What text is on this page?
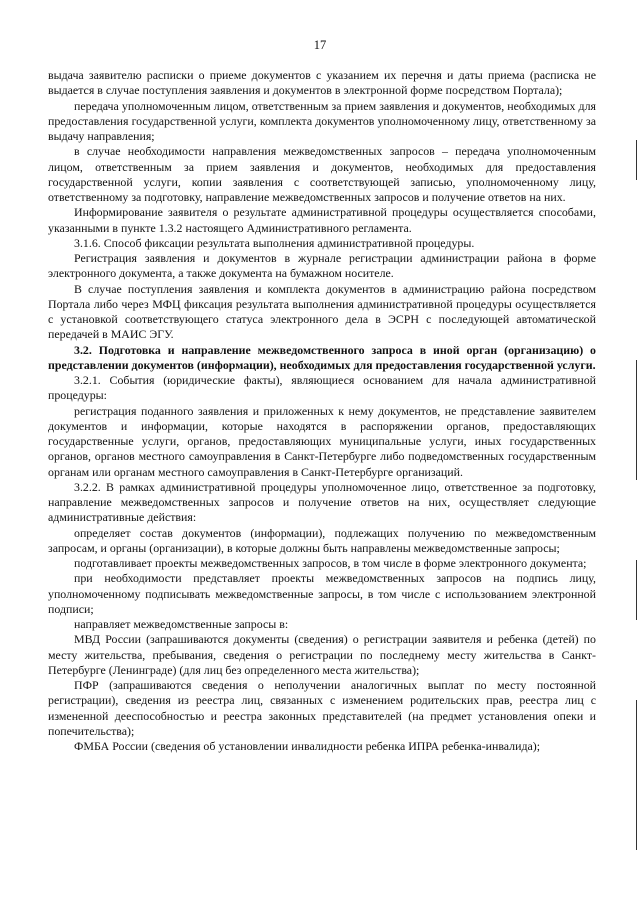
17

выдача заявителю расписки о приеме документов с указанием их перечня и даты приема (расписка не выдается в случае поступления заявления и документов в электронной форме посредством Портала);

передача уполномоченным лицом, ответственным за прием заявления и документов, необходимых для предоставления государственной услуги, комплекта документов уполномоченному лицу, ответственному за выдачу направления;

в случае необходимости направления межведомственных запросов – передача уполномоченным лицом, ответственным за прием заявления и документов, необходимых для предоставления государственной услуги, копии заявления с соответствующей записью, уполномоченному лицу, ответственному за подготовку, направление межведомственных запросов и получение ответов на них.

Информирование заявителя о результате административной процедуры осуществляется способами, указанными в пункте 1.3.2 настоящего Административного регламента.

3.1.6. Способ фиксации результата выполнения административной процедуры.

Регистрация заявления и документов в журнале регистрации администрации района в форме электронного документа, а также документа на бумажном носителе.

В случае поступления заявления и комплекта документов в администрацию района посредством Портала либо через МФЦ фиксация результата выполнения административной процедуры осуществляется с установкой соответствующего статуса электронного дела в ЭСРН с последующей автоматической передачей в МАИС ЭГУ.

3.2. Подготовка и направление межведомственного запроса в иной орган (организацию) о представлении документов (информации), необходимых для предоставления государственной услуги.

3.2.1. События (юридические факты), являющиеся основанием для начала административной процедуры:

регистрация поданного заявления и приложенных к нему документов, не представление заявителем документов и информации, которые находятся в распоряжении органов, предоставляющих государственные услуги, органов, предоставляющих муниципальные услуги, иных государственных органов, органов местного самоуправления в Санкт-Петербурге либо подведомственных государственным органам или органам местного самоуправления в Санкт-Петербурге организаций.

3.2.2. В рамках административной процедуры уполномоченное лицо, ответственное за подготовку, направление межведомственных запросов и получение ответов на них, осуществляет следующие административные действия:

определяет состав документов (информации), подлежащих получению по межведомственным запросам, и органы (организации), в которые должны быть направлены межведомственные запросы;

подготавливает проекты межведомственных запросов, в том числе в форме электронного документа;

при необходимости представляет проекты межведомственных запросов на подпись лицу, уполномоченному подписывать межведомственные запросы, в том числе с использованием электронной подписи;

направляет межведомственные запросы в:

МВД России (запрашиваются документы (сведения) о регистрации заявителя и ребенка (детей) по месту жительства, пребывания, сведения о регистрации по последнему месту жительства в Санкт-Петербурге (Ленинграде) (для лиц без определенного места жительства);

ПФР (запрашиваются сведения о неполучении аналогичных выплат по месту постоянной регистрации), сведения из реестра лиц, связанных с изменением родительских прав, реестра лиц с измененной дееспособностью и реестра законных представителей (на предмет установления опеки и попечительства);

ФМБА России (сведения об установлении инвалидности ребенка ИПРА ребенка-инвалида);
